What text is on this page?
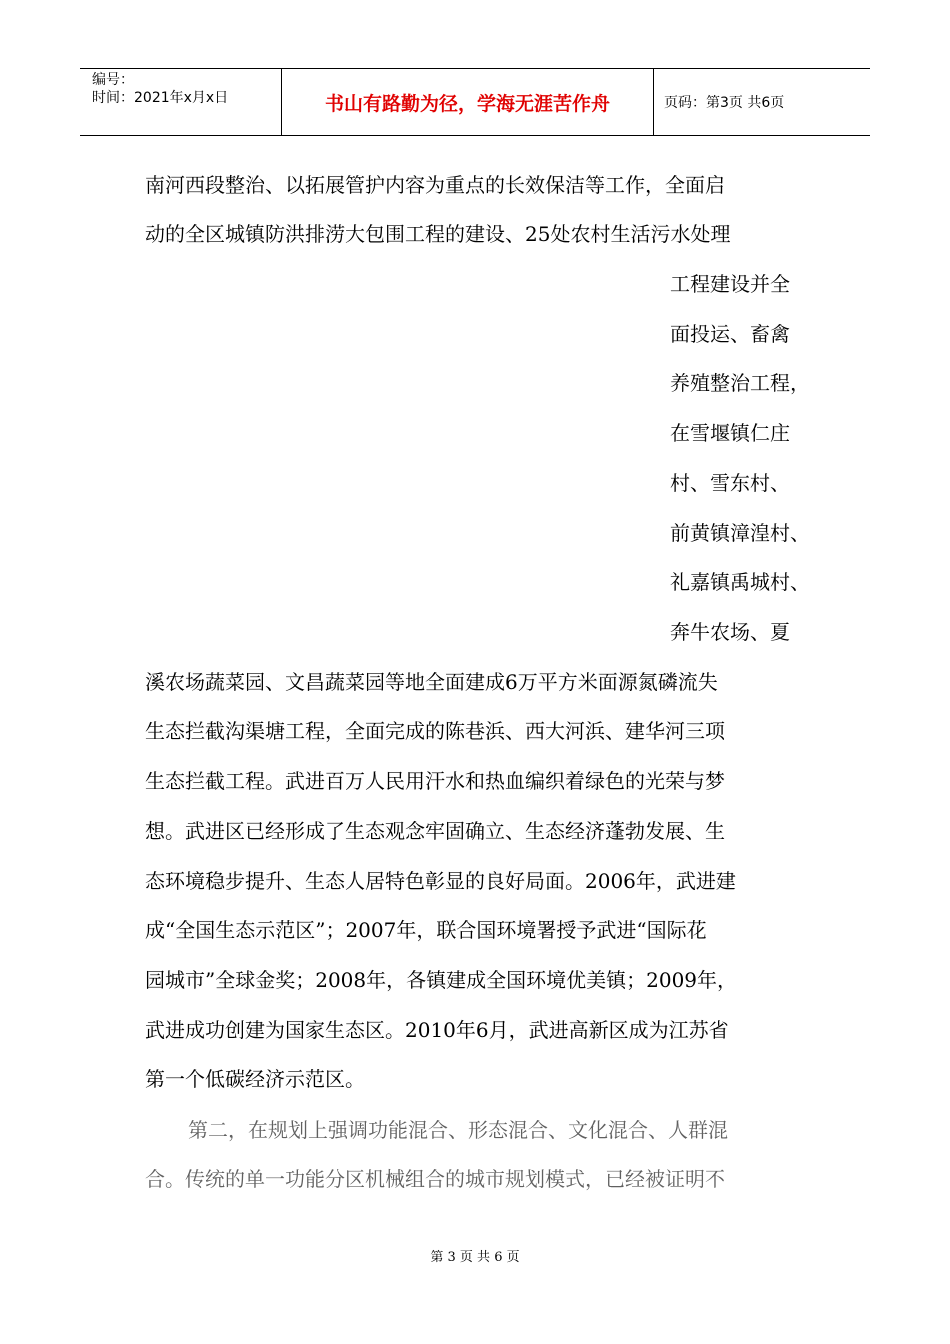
编号：
时间：2021年x月x日	书山有路勤为径，学海无涯苦作舟	页码：第3页 共6页
南河西段整治、以拓展管护内容为重点的长效保洁等工作，全面启
动的全区城镇防洪排涝大包围工程的建设、25处农村生活污水处理
工程建设并全
面投运、畜禽
养殖整治工程，
在雪堰镇仁庄
村、雪东村、
前黄镇漳湟村、
礼嘉镇禹城村、
奔牛农场、夏
溪农场蔬菜园、文昌蔬菜园等地全面建成6万平方米面源氮磷流失
生态拦截沟渠塘工程，全面完成的陈巷浜、西大河浜、建华河三项
生态拦截工程。武进百万人民用汗水和热血编织着绿色的光荣与梦
想。武进区已经形成了生态观念牢固确立、生态经济蓬勃发展、生
态环境稳步提升、生态人居特色彰显的良好局面。2006年，武进建
成“全国生态示范区”；2007年，联合国环境署授予武进“国际花
园城市”全球金奖；2008年，各镇建成全国环境优美镇；2009年，
武进成功创建为国家生态区。2010年6月，武进高新区成为江苏省
第一个低碳经济示范区。
第二，在规划上强调功能混合、形态混合、文化混合、人群混
合。传统的单一功能分区机械组合的城市规划模式，已经被证明不
第 3 页 共 6 页
